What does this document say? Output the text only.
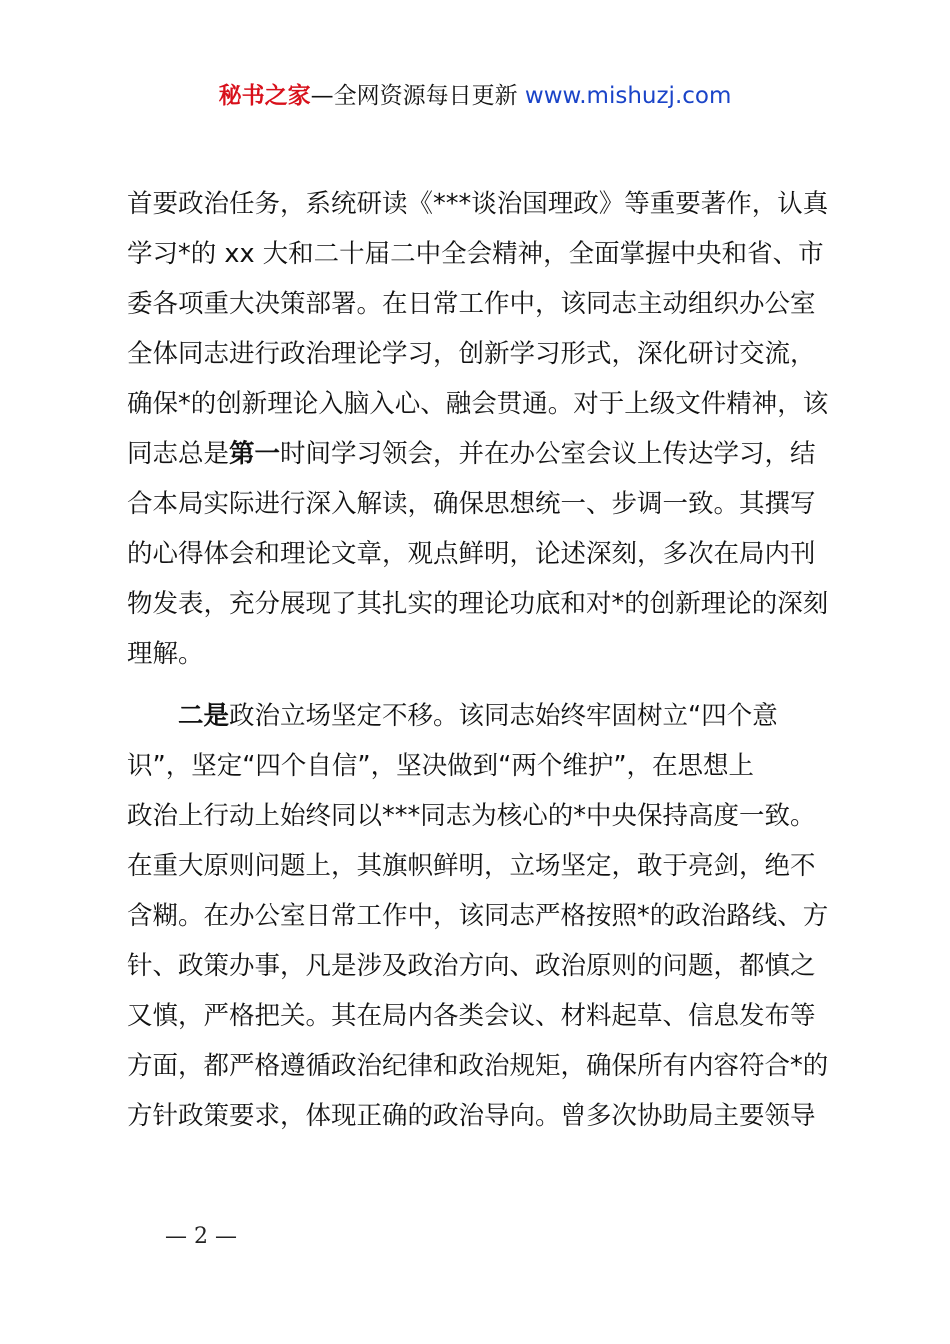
秘书之家—全网资源每日更新 www.mishuzj.com
首要政治任务，系统研读《***谈治国理政》等重要著作，认真
学习*的 xx 大和二十届二中全会精神，全面掌握中央和省、市
委各项重大决策部署。在日常工作中，该同志主动组织办公室
全体同志进行政治理论学习，创新学习形式，深化研讨交流，
确保*的创新理论入脑入心、融会贯通。对于上级文件精神，该
同志总是第一时间学习领会，并在办公室会议上传达学习，结
合本局实际进行深入解读，确保思想统一、步调一致。其撰写
的心得体会和理论文章，观点鲜明，论述深刻，多次在局内刊
物发表，充分展现了其扎实的理论功底和对*的创新理论的深刻
理解。
二是政治立场坚定不移。该同志始终牢固树立“四个意
识”，坚定“四个自信”，坚决做到“两个维护”，在思想上
政治上行动上始终同以***同志为核心的*中央保持高度一致。
在重大原则问题上，其旗帜鲜明，立场坚定，敢于亮剑，绝不
含糊。在办公室日常工作中，该同志严格按照*的政治路线、方
针、政策办事，凡是涉及政治方向、政治原则的问题，都慎之
又慎，严格把关。其在局内各类会议、材料起草、信息发布等
方面，都严格遵循政治纪律和政治规矩，确保所有内容符合*的
方针政策要求，体现正确的政治导向。曾多次协助局主要领导
— 2 —
